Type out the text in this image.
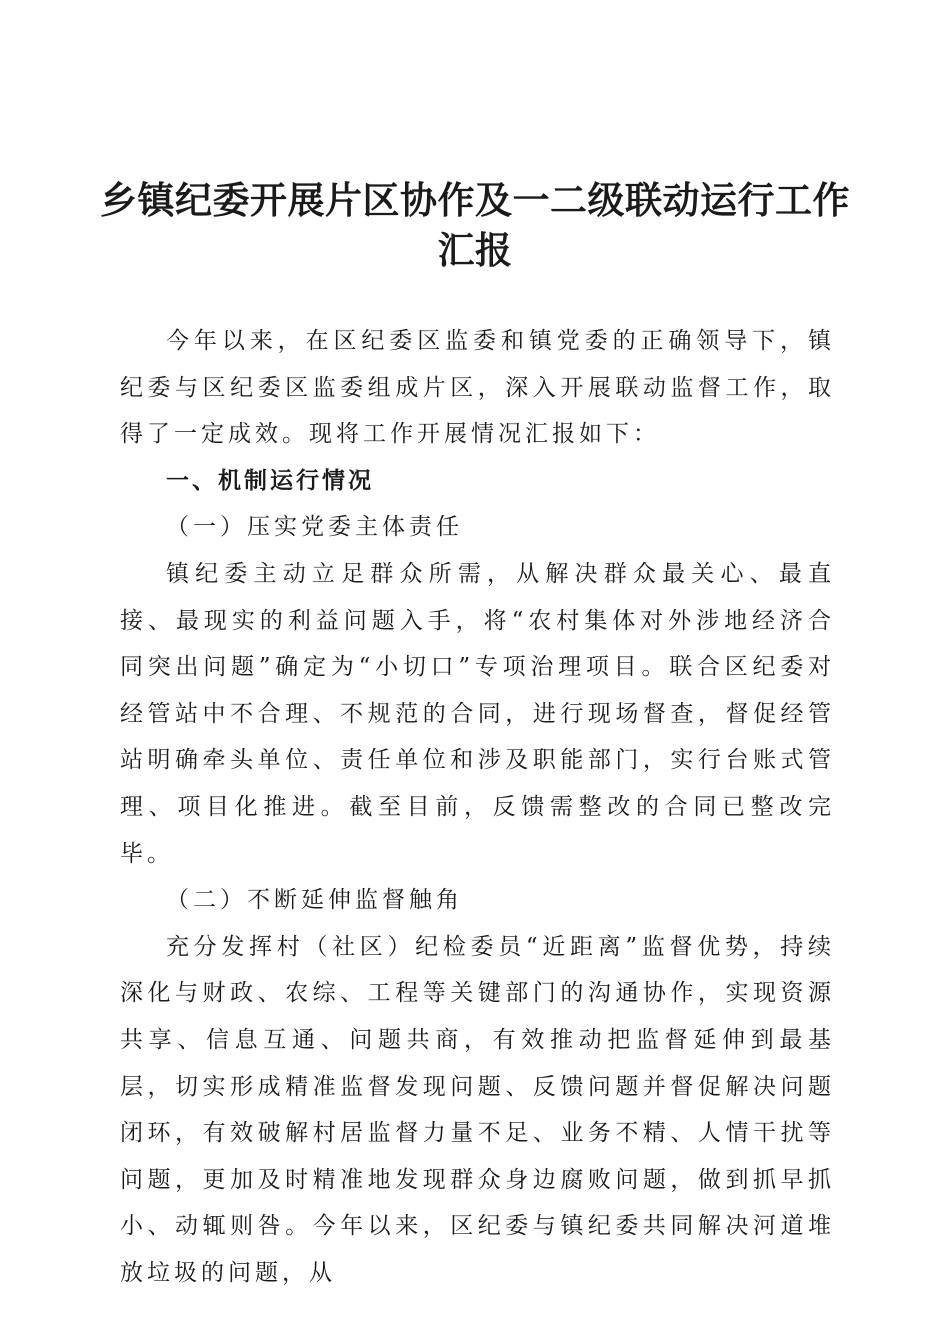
乡镇纪委开展片区协作及一二级联动运行工作
汇报

今年以来，在区纪委区监委和镇党委的正确领导下，镇纪委与区纪委区监委组成片区，深入开展联动监督工作，取得了一定成效。现将工作开展情况汇报如下：

一、机制运行情况

（一）压实党委主体责任

镇纪委主动立足群众所需，从解决群众最关心、最直接、最现实的利益问题入手，将“农村集体对外涉地经济合同突出问题”确定为“小切口”专项治理项目。联合区纪委对经管站中不合理、不规范的合同，进行现场督查，督促经管站明确牵头单位、责任单位和涉及职能部门，实行台账式管理、项目化推进。截至目前，反馈需整改的合同已整改完毕。

（二）不断延伸监督触角

充分发挥村（社区）纪检委员“近距离”监督优势，持续深化与财政、农综、工程等关键部门的沟通协作，实现资源共享、信息互通、问题共商，有效推动把监督延伸到最基层，切实形成精准监督发现问题、反馈问题并督促解决问题闭环，有效破解村居监督力量不足、业务不精、人情干扰等问题，更加及时精准地发现群众身边腐败问题，做到抓早抓小、动辄则咎。今年以来，区纪委与镇纪委共同解决河道堆放垃圾的问题，从
